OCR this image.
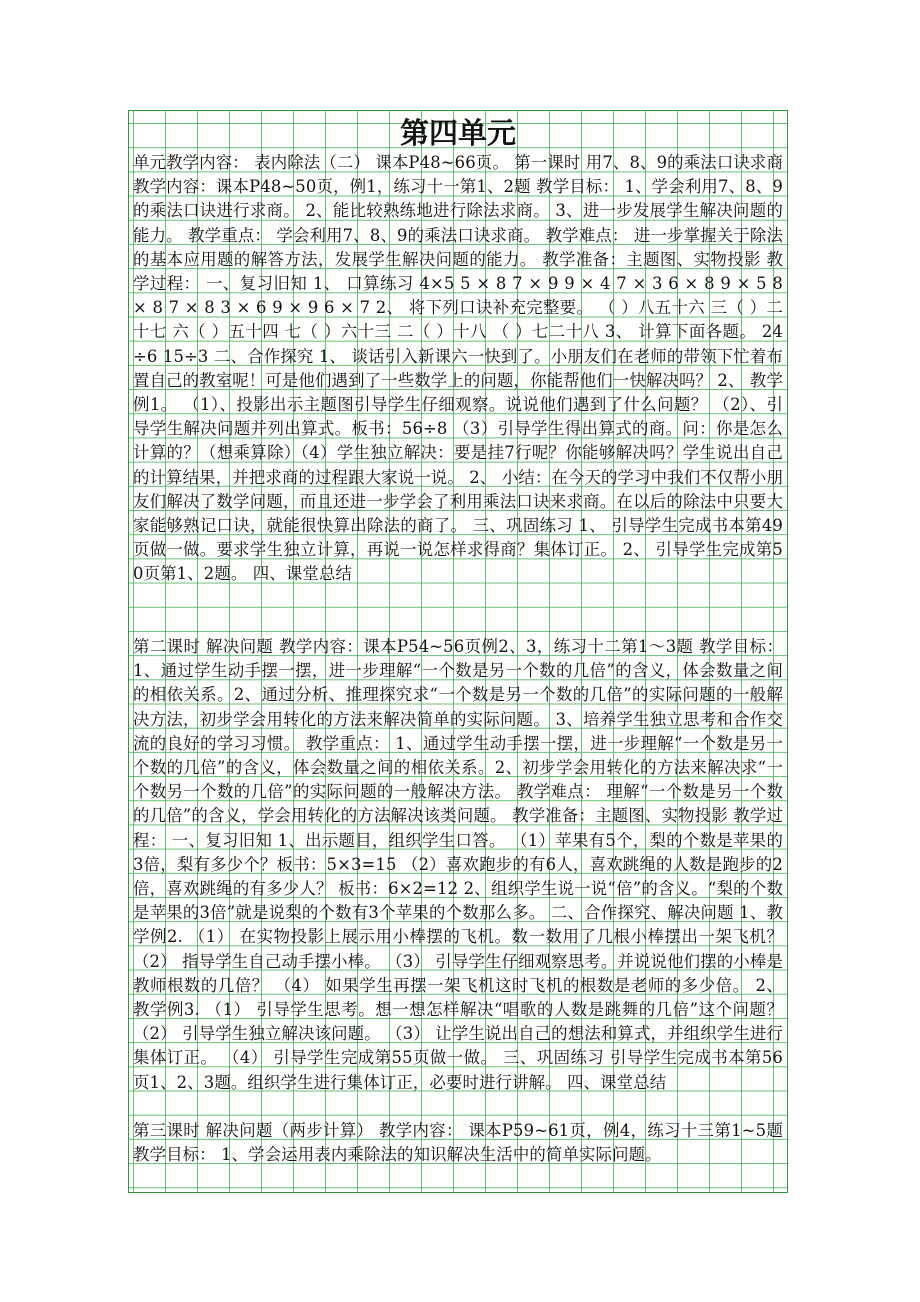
第四单元
单元教学内容： 表内除法（二） 课本P48~66页。 第一课时 用7、8、9的乘法口诀求商 教学内容：课本P48~50页，例1，练习十一第1、2题 教学目标： 1、学会利用7、8、9的乘法口诀进行求商。 2、能比较熟练地进行除法求商。 3、进一步发展学生解决问题的能力。 教学重点： 学会利用7、8、9的乘法口诀求商。 教学难点： 进一步掌握关于除法的基本应用题的解答方法，发展学生解决问题的能力。 教学准备：主题图、实物投影 教学过程： 一、复习旧知 1、 口算练习 4×5 5 × 8 7 × 9 9 × 4 7 × 3 6 × 8 9 × 5 8 × 8 7 × 8 3 × 6 9 × 9 6 × 7 2、 将下列口诀补充完整要。 （ ）八五十六 三（ ）二十七 六（ ）五十四 七（ ）六十三 二（ ）十八 （ ）七二十八 3、 计算下面各题。 24÷6 15÷3 二、合作探究 1、 谈话引入新课六一快到了。小朋友们在老师的带领下忙着布置自己的教室呢！可是他们遇到了一些数学上的问题，你能帮他们一快解决吗？ 2、 教学例1。 （1）、投影出示主题图引导学生仔细观察。说说他们遇到了什么问题？ （2）、引导学生解决问题并列出算式。板书：56÷8 （3）引导学生得出算式的商。问：你是怎么计算的？（想乘算除）（4）学生独立解决：要是挂7行呢？你能够解决吗？学生说出自己的计算结果，并把求商的过程跟大家说一说。 2、 小结：在今天的学习中我们不仅帮小朋友们解决了数学问题，而且还进一步学会了利用乘法口诀来求商。在以后的除法中只要大家能够熟记口诀，就能很快算出除法的商了。 三、巩固练习 1、 引导学生完成书本第49页做一做。要求学生独立计算，再说一说怎样求得商？集体订正。 2、 引导学生完成第50页第1、2题。 四、课堂总结
第二课时 解决问题 教学内容：课本P54~56页例2、3，练习十二第1～3题 教学目标：1、通过学生动手摆一摆，进一步理解“一个数是另一个数的几倍”的含义，体会数量之间的相依关系。2、通过分析、推理探究求“一个数是另一个数的几倍”的实际问题的一般解决方法，初步学会用转化的方法来解决简单的实际问题。 3、培养学生独立思考和合作交流的良好的学习习惯。 教学重点： 1、通过学生动手摆一摆，进一步理解“一个数是另一个数的几倍”的含义，体会数量之间的相依关系。2、初步学会用转化的方法来解决求“一个数另一个数的几倍”的实际问题的一般解决方法。 教学难点： 理解“一个数是另一个数的几倍”的含义，学会用转化的方法解决该类问题。 教学准备：主题图、实物投影 教学过程： 一、复习旧知 1、出示题目，组织学生口答。 （1）苹果有5个，梨的个数是苹果的3倍，梨有多少个？板书：5×3=15 （2）喜欢跑步的有6人，喜欢跳绳的人数是跑步的2倍，喜欢跳绳的有多少人？ 板书：6×2=12 2、组织学生说一说“倍”的含义。“梨的个数是苹果的3倍”就是说梨的个数有3个苹果的个数那么多。 二、合作探究、解决问题 1、教学例2. （1） 在实物投影上展示用小棒摆的飞机。数一数用了几根小棒摆出一架飞机？ （2） 指导学生自己动手摆小棒。 （3） 引导学生仔细观察思考。并说说他们摆的小棒是教师根数的几倍？ （4） 如果学生再摆一架飞机这时飞机的根数是老师的多少倍。 2、 教学例3. （1） 引导学生思考。想一想怎样解决“唱歌的人数是跳舞的几倍”这个问题？ （2） 引导学生独立解决该问题。 （3） 让学生说出自己的想法和算式，并组织学生进行集体订正。 （4） 引导学生完成第55页做一做。 三、巩固练习 引导学生完成书本第56页1、2、3题。组织学生进行集体订正，必要时进行讲解。 四、课堂总结
第三课时 解决问题（两步计算） 教学内容： 课本P59~61页，例4，练习十三第1~5题 教学目标： 1、学会运用表内乘除法的知识解决生活中的简单实际问题。
